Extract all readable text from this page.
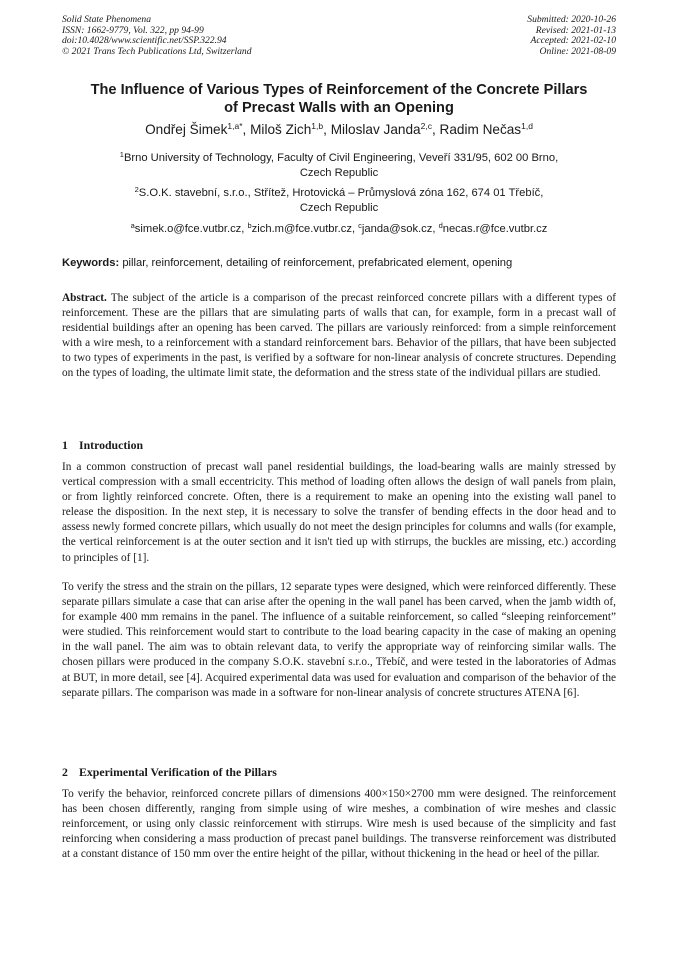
Solid State Phenomena
ISSN: 1662-9779, Vol. 322, pp 94-99
doi:10.4028/www.scientific.net/SSP.322.94
© 2021 Trans Tech Publications Ltd, Switzerland
Submitted: 2020-10-26
Revised: 2021-01-13
Accepted: 2021-02-10
Online: 2021-08-09
The Influence of Various Types of Reinforcement of the Concrete Pillars
of Precast Walls with an Opening
Ondřej Šimek$^{1,a*}$, Miloš Zich$^{1,b}$, Miloslav Janda$^{2,c}$, Radim Nečas$^{1,d}$
$^1$Brno University of Technology, Faculty of Civil Engineering, Veveří 331/95, 602 00 Brno,
Czech Republic
$^2$S.O.K. stavební, s.r.o., Střítež, Hrotovická – Průmyslová zóna 162, 674 01 Třebíč,
Czech Republic
$^a$simek.o@fce.vutbr.cz, $^b$zich.m@fce.vutbr.cz, $^c$janda@sok.cz, $^d$necas.r@fce.vutbr.cz
Keywords: pillar, reinforcement, detailing of reinforcement, prefabricated element, opening

Abstract. The subject of the article is a comparison of the precast reinforced concrete pillars with a different types of reinforcement. These are the pillars that are simulating parts of walls that can, for example, form in a precast wall of residential buildings after an opening has been carved. The pillars are variously reinforced: from a simple reinforcement with a wire mesh, to a reinforcement with a standard reinforcement bars. Behavior of the pillars, that have been subjected to two types of experiments in the past, is verified by a software for non-linear analysis of concrete structures. Depending on the types of loading, the ultimate limit state, the deformation and the stress state of the individual pillars are studied.

1 Introduction

In a common construction of precast wall panel residential buildings, the load-bearing walls are mainly stressed by vertical compression with a small eccentricity. This method of loading often allows the design of wall panels from plain, or from lightly reinforced concrete. Often, there is a requirement to make an opening into the existing wall panel to release the disposition. In the next step, it is necessary to solve the transfer of bending effects in the door head and to assess newly formed concrete pillars, which usually do not meet the design principles for columns and walls (for example, the vertical reinforcement is at the outer section and it isn't tied up with stirrups, the buckles are missing, etc.) according to principles of [1].

To verify the stress and the strain on the pillars, 12 separate types were designed, which were reinforced differently. These separate pillars simulate a case that can arise after the opening in the wall panel has been carved, when the jamb width of, for example 400 mm remains in the panel. The influence of a suitable reinforcement, so called “sleeping reinforcement” were studied. This reinforcement would start to contribute to the load bearing capacity in the case of making an opening in the wall panel. The aim was to obtain relevant data, to verify the appropriate way of reinforcing similar walls. The chosen pillars were produced in the company S.O.K. stavební s.r.o., Třebíč, and were tested in the laboratories of Admas at BUT, in more detail, see [4]. Acquired experimental data was used for evaluation and comparison of the behavior of the separate pillars. The comparison was made in a software for non-linear analysis of concrete structures ATENA [6].

2 Experimental Verification of the Pillars

To verify the behavior, reinforced concrete pillars of dimensions 400×150×2700 mm were designed. The reinforcement has been chosen differently, ranging from simple using of wire meshes, a combination of wire meshes and classic reinforcement, or using only classic reinforcement with stirrups. Wire mesh is used because of the simplicity and fast reinforcing when considering a mass production of precast panel buildings. The transverse reinforcement was distributed at a constant distance of 150 mm over the entire height of the pillar, without thickening in the head or heel of the pillar.
